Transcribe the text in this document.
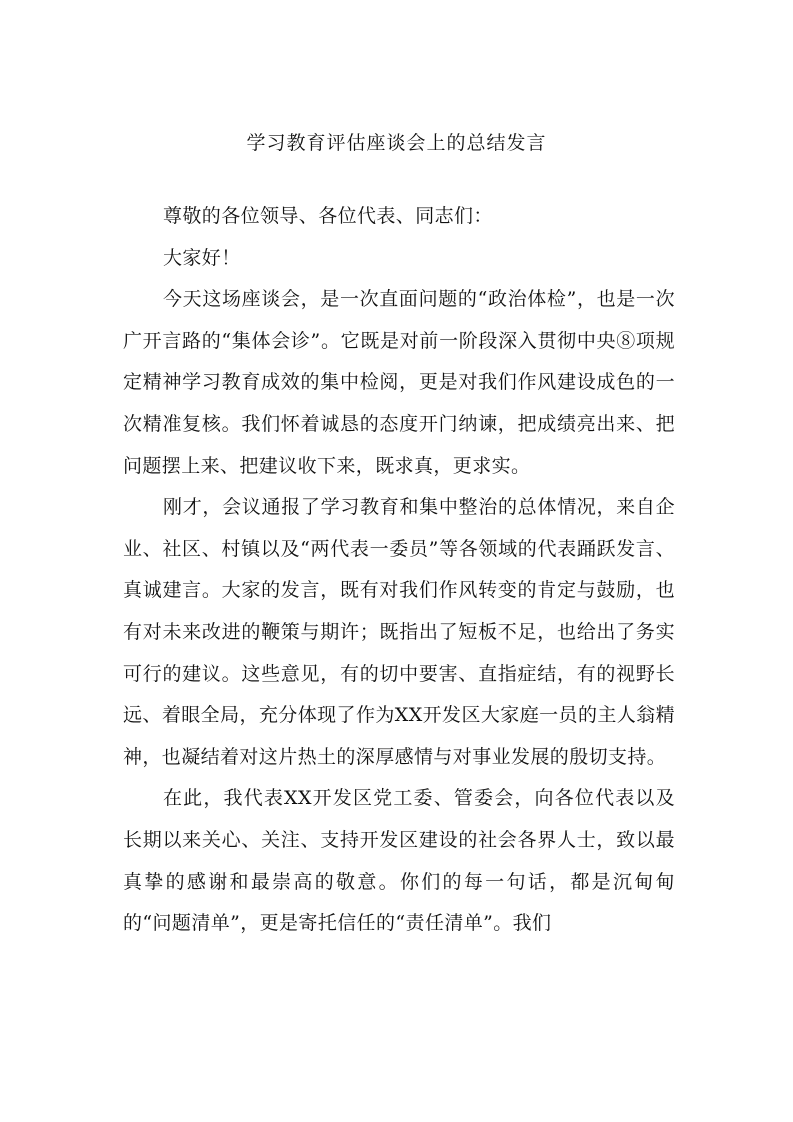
学习教育评估座谈会上的总结发言

尊敬的各位领导、各位代表、同志们：

大家好！

今天这场座谈会，是一次直面问题的“政治体检”，也是一次广开言路的“集体会诊”。它既是对前一阶段深入贯彻中央⑧项规定精神学习教育成效的集中检阅，更是对我们作风建设成色的一次精准复核。我们怀着诚恳的态度开门纳谏，把成绩亮出来、把问题摆上来、把建议收下来，既求真，更求实。

刚才，会议通报了学习教育和集中整治的总体情况，来自企业、社区、村镇以及“两代表一委员”等各领域的代表踊跃发言、真诚建言。大家的发言，既有对我们作风转变的肯定与鼓励，也有对未来改进的鞭策与期许；既指出了短板不足，也给出了务实可行的建议。这些意见，有的切中要害、直指症结，有的视野长远、着眼全局，充分体现了作为XX开发区大家庭一员的主人翁精神，也凝结着对这片热土的深厚感情与对事业发展的殷切支持。

在此，我代表XX开发区党工委、管委会，向各位代表以及长期以来关心、关注、支持开发区建设的社会各界人士，致以最真挚的感谢和最崇高的敬意。你们的每一句话，都是沉甸甸的“问题清单”，更是寄托信任的“责任清单”。我们
